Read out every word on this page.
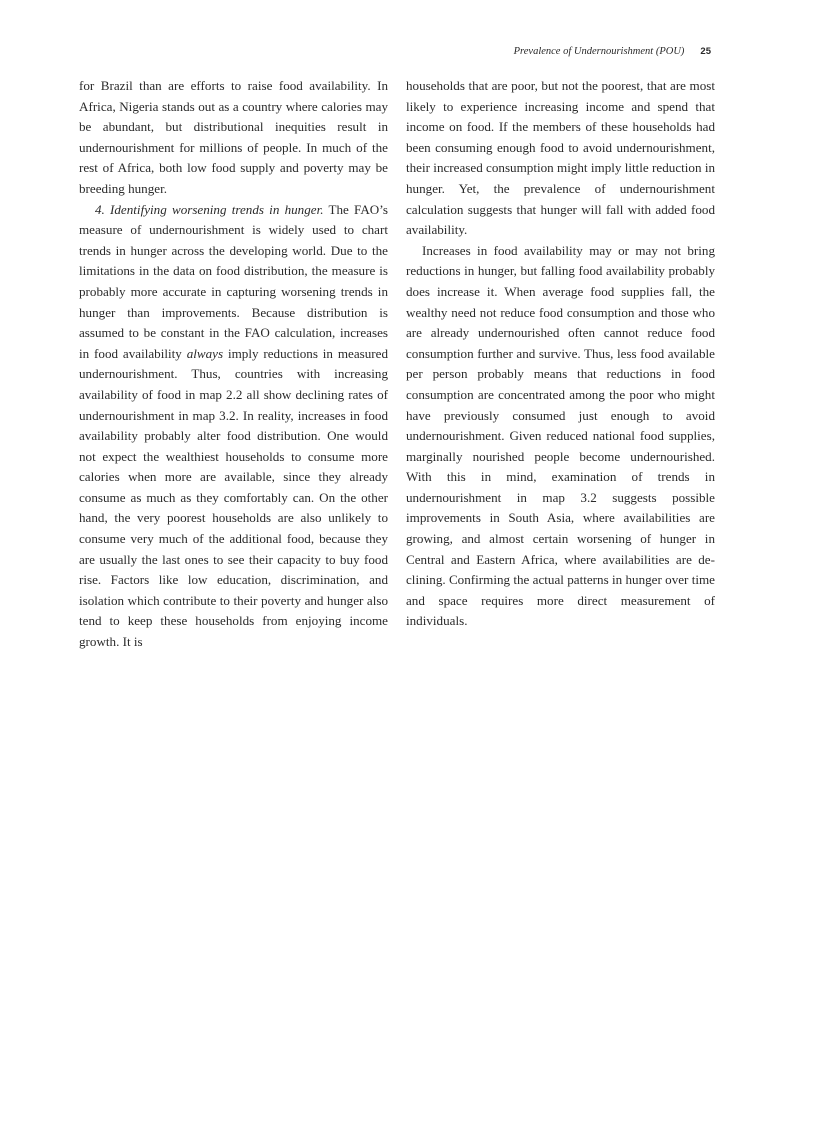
Prevalence of Undernourishment (POU) 25

for Brazil than are efforts to raise food availability. In Africa, Nigeria stands out as a country where calories may be abundant, but distributional inequities result in undernourishment for millions of people. In much of the rest of Africa, both low food supply and poverty may be breeding hunger.

4. Identifying worsening trends in hunger. The FAO’s measure of undernourishment is widely used to chart trends in hunger across the developing world. Due to the limitations in the data on food distribution, the measure is probably more accurate in capturing worsening trends in hunger than improvements. Because distribution is assumed to be constant in the FAO calculation, increases in food availability always imply reductions in measured undernourishment. Thus, countries with increasing availability of food in map 2.2 all show declining rates of undernourishment in map 3.2. In reality, increases in food availability probably alter food distribution. One would not expect the wealthiest households to consume more calories when more are available, since they already consume as much as they comfortably can. On the other hand, the very poorest households are also unlikely to consume very much of the additional food, because they are usually the last ones to see their capacity to buy food rise. Factors like low education, discrimination, and isolation which contribute to their poverty and hunger also tend to keep these households from enjoying income growth. It is

households that are poor, but not the poorest, that are most likely to experience increasing income and spend that income on food. If the members of these households had been consuming enough food to avoid undernourishment, their increased consumption might imply little reduction in hunger. Yet, the prevalence of undernourishment calculation suggests that hunger will fall with added food availability.

Increases in food availability may or may not bring reductions in hunger, but falling food availability probably does increase it. When average food supplies fall, the wealthy need not reduce food consumption and those who are already undernourished often cannot reduce food consumption further and survive. Thus, less food available per person probably means that reductions in food consumption are concentrated among the poor who might have previously consumed just enough to avoid undernourishment. Given reduced national food supplies, marginally nourished people become undernourished. With this in mind, examination of trends in undernourishment in map 3.2 suggests possible improvements in South Asia, where availabilities are growing, and almost certain worsening of hunger in Central and Eastern Africa, where availabilities are declining. Confirming the actual patterns in hunger over time and space requires more direct measurement of individuals.
